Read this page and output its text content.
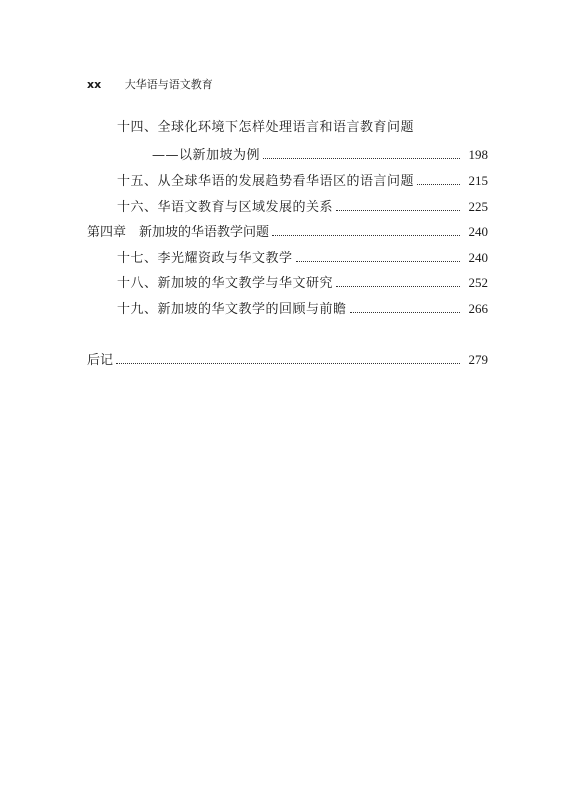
xx 大华语与语文教育
十四、全球化环境下怎样处理语言和语言教育问题
——以新加坡为例	198
十五、从全球华语的发展趋势看华语区的语言问题	215
十六、华语文教育与区域发展的关系	225
第四章　新加坡的华语教学问题	240
十七、李光耀资政与华文教学	240
十八、新加坡的华文教学与华文研究	252
十九、新加坡的华文教学的回顾与前瞻	266
后记	279
